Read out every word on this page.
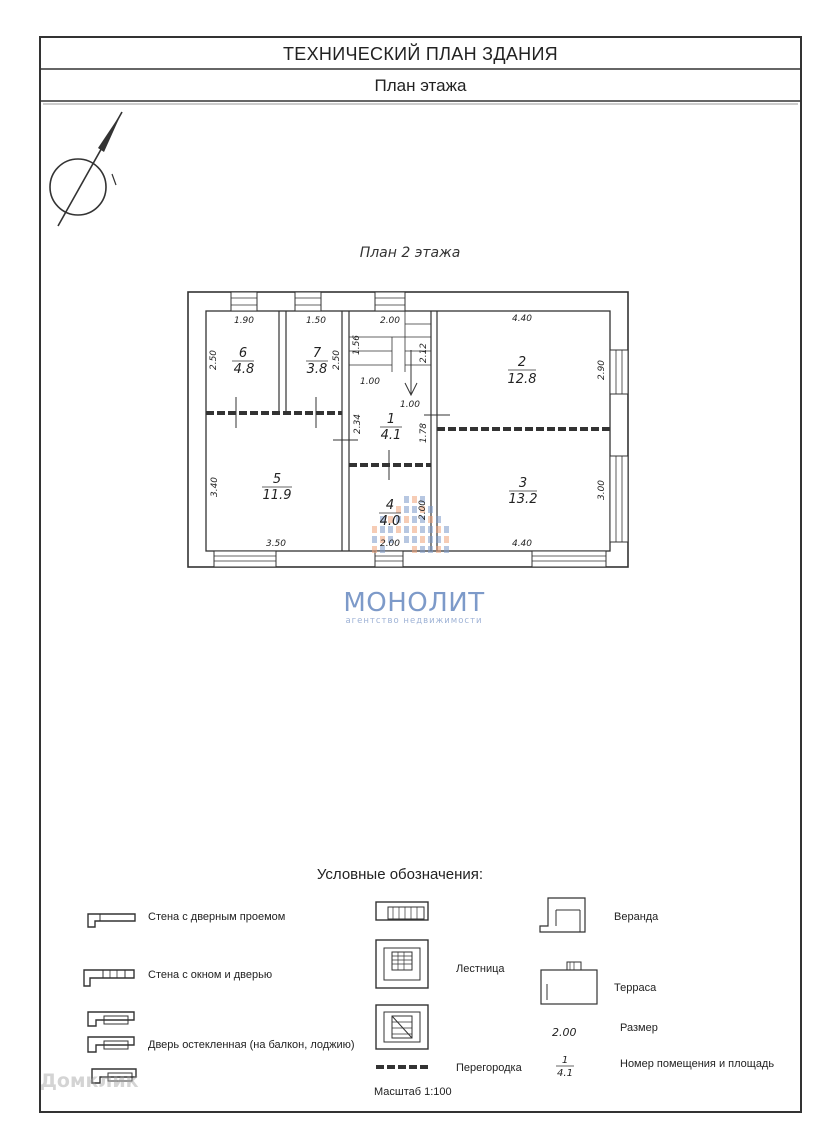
6
4.8
7
3.8	2
12.8
1
4.1
5
11.9
3
13.2
4
4.0
1.90	1.50	2.00	4.40
2.50	2.50
1.56	2.12
1.00
1.00
2.90
2.34	1.78
3.40
2.00
3.00
3.50	2.00	4.40
1
4.1
ТЕХНИЧЕСКИЙ ПЛАН ЗДАНИЯ
План этажа
План 2 этажа
МОНОЛИТ
агентство недвижимости
Условные обозначения:
Стена с дверным проемом
Стена с окном и дверью
Дверь остекленная (на балкон, лоджию)
Лестница
Перегородка
Веранда
Терраса
2.00	Размер
Номер помещения и площадь
Масштаб 1:100
Домклик
